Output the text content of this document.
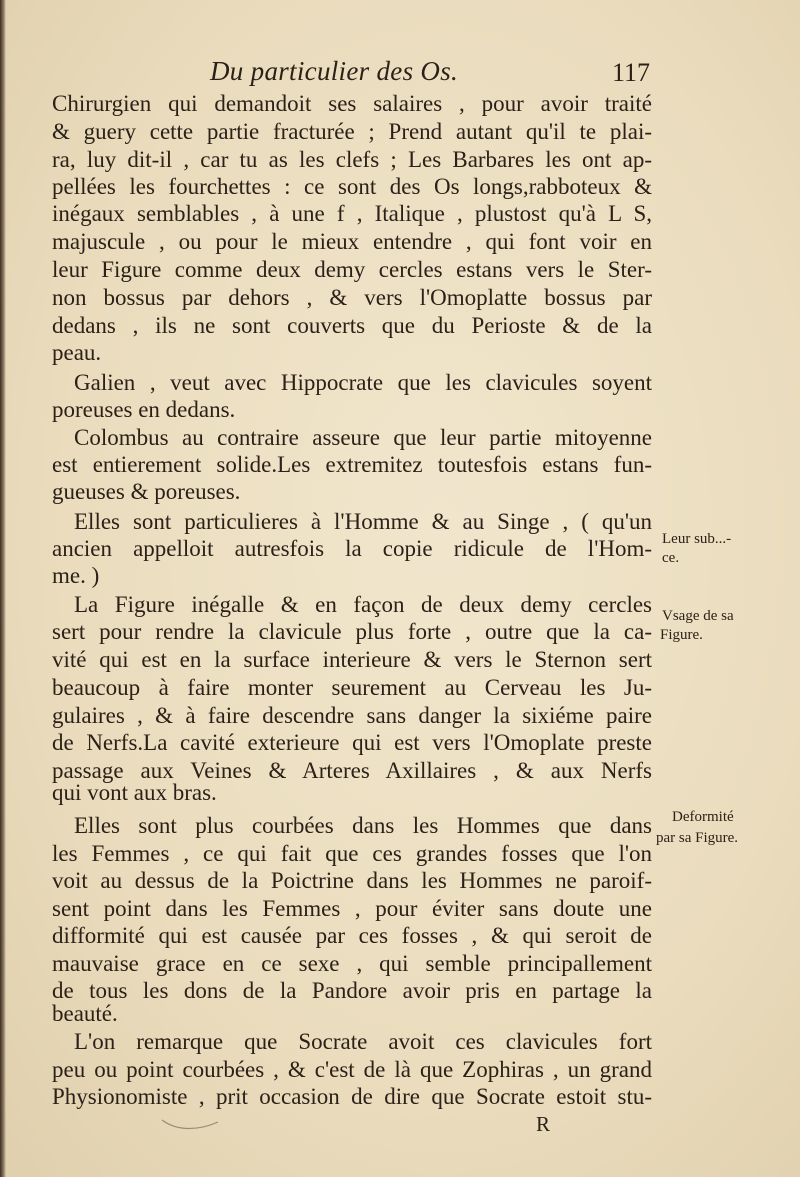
Du particulier des Os.	117
Chirurgien qui demandoit ses salaires , pour avoir traité
& guery cette partie fracturée ; Prend autant qu'il te plai-
ra, luy dit-il , car tu as les clefs ; Les Barbares les ont ap-
pellées les fourchettes : ce sont des Os longs,rabboteux &
inégaux semblables , à une f , Italique , plustost qu'à L S,
majuscule , ou pour le mieux entendre , qui font voir en
leur Figure comme deux demy cercles estans vers le Ster-
non bossus par dehors , & vers l'Omoplatte bossus par
dedans , ils ne sont couverts que du Perioste & de la
peau.
Galien , veut avec Hippocrate que les clavicules soyent
poreuses en dedans.
Colombus au contraire asseure que leur partie mitoyenne
est entierement solide.Les extremitez toutesfois estans fun-
gueuses & poreuses.
Elles sont particulieres à l'Homme & au Singe , ( qu'un
ancien appelloit autresfois la copie ridicule de l'Hom-
me. )
La Figure inégalle & en façon de deux demy cercles
sert pour rendre la clavicule plus forte , outre que la ca-
vité qui est en la surface interieure & vers le Sternon sert
beaucoup à faire monter seurement au Cerveau les Ju-
gulaires , & à faire descendre sans danger la sixiéme paire
de Nerfs.La cavité exterieure qui est vers l'Omoplate preste
passage aux Veines & Arteres Axillaires , & aux Nerfs
qui vont aux bras.
Elles sont plus courbées dans les Hommes que dans
les Femmes , ce qui fait que ces grandes fosses que l'on
voit au dessus de la Poictrine dans les Hommes ne paroif-
sent point dans les Femmes , pour éviter sans doute une
difformité qui est causée par ces fosses , & qui seroit de
mauvaise grace en ce sexe , qui semble principallement
de tous les dons de la Pandore avoir pris en partage la
beauté.
L'on remarque que Socrate avoit ces clavicules fort
peu ou point courbées , & c'est de là que Zophiras , un grand
Physionomiste , prit occasion de dire que Socrate estoit stu-
Leur sub...-
ce.
Vsage de sa
Figure.
Deformité
par sa Figure.
R
